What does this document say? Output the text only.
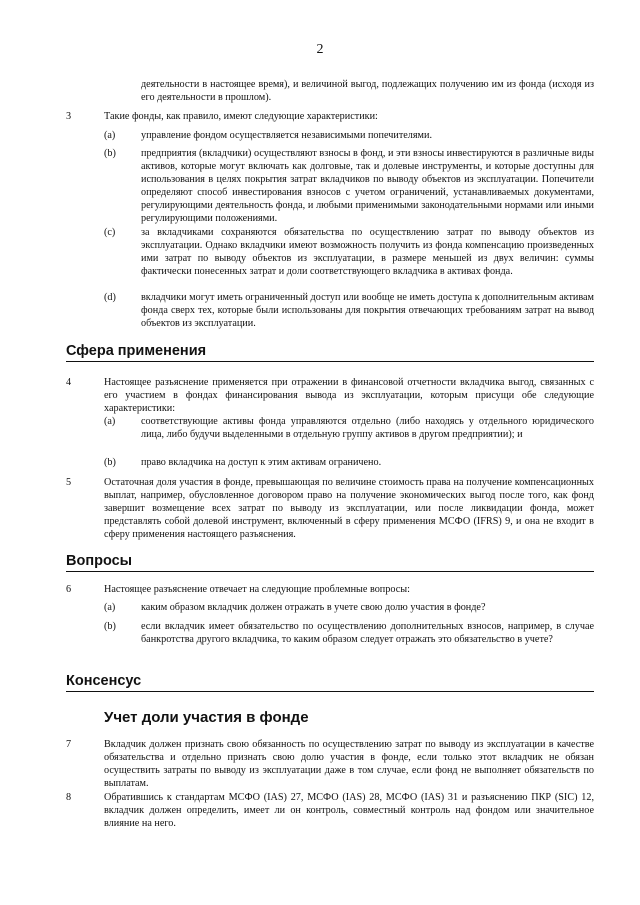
2
деятельности в настоящее время), и величиной выгод, подлежащих получению им из фонда (исходя из его деятельности в прошлом).
3	Такие фонды, как правило, имеют следующие характеристики:
(a)	управление фондом осуществляется независимыми попечителями.
(b) предприятия (вкладчики) осуществляют взносы в фонд, и эти взносы инвестируются в различные виды активов, которые могут включать как долговые, так и долевые инструменты, и которые доступны для использования в целях покрытия затрат вкладчиков по выводу объектов из эксплуатации. Попечители определяют способ инвестирования взносов с учетом ограничений, устанавливаемых документами, регулирующими деятельность фонда, и любыми применимыми законодательными нормами или иными регулирующими положениями.
(c)	за вкладчиками сохраняются обязательства по осуществлению затрат по выводу объектов из эксплуатации. Однако вкладчики имеют возможность получить из фонда компенсацию произведенных ими затрат по выводу объектов из эксплуатации, в размере меньшей из двух величин: суммы фактически понесенных затрат и доли соответствующего вкладчика в активах фонда.
(d) вкладчики могут иметь ограниченный доступ или вообще не иметь доступа к дополнительным активам фонда сверх тех, которые были использованы для покрытия отвечающих требованиям затрат на вывод объектов из эксплуатации.
Сфера применения
4	Настоящее разъяснение применяется при отражении в финансовой отчетности вкладчика выгод, связанных с его участием в фондах финансирования вывода из эксплуатации, которым присущи обе следующие характеристики:
(a)	соответствующие активы фонда управляются отдельно (либо находясь у отдельного юридического лица, либо будучи выделенными в отдельную группу активов в другом предприятии); и
(b) право вкладчика на доступ к этим активам ограничено.
5	Остаточная доля участия в фонде, превышающая по величине стоимость права на получение компенсационных выплат, например, обусловленное договором право на получение экономических выгод после того, как фонд завершит возмещение всех затрат по выводу из эксплуатации, или после ликвидации фонда, может представлять собой долевой инструмент, включенный в сферу применения МСФО (IFRS) 9, и она не входит в сферу применения настоящего разъяснения.
Вопросы
6	Настоящее разъяснение отвечает на следующие проблемные вопросы:
(a)	каким образом вкладчик должен отражать в учете свою долю участия в фонде?
(b) если вкладчик имеет обязательство по осуществлению дополнительных взносов, например, в случае банкротства другого вкладчика, то каким образом следует отражать это обязательство в учете?
Консенсус
Учет доли участия в фонде
7	Вкладчик должен признать свою обязанность по осуществлению затрат по выводу из эксплуатации в качестве обязательства и отдельно признать свою долю участия в фонде, если только этот вкладчик не обязан осуществить затраты по выводу из эксплуатации даже в том случае, если фонд не выполняет обязательств по выплатам.
8	Обратившись к стандартам МСФО (IAS) 27, МСФО (IAS) 28, МСФО (IAS) 31 и разъяснению ПКР (SIC) 12, вкладчик должен определить, имеет ли он контроль, совместный контроль над фондом или значительное влияние на него.
